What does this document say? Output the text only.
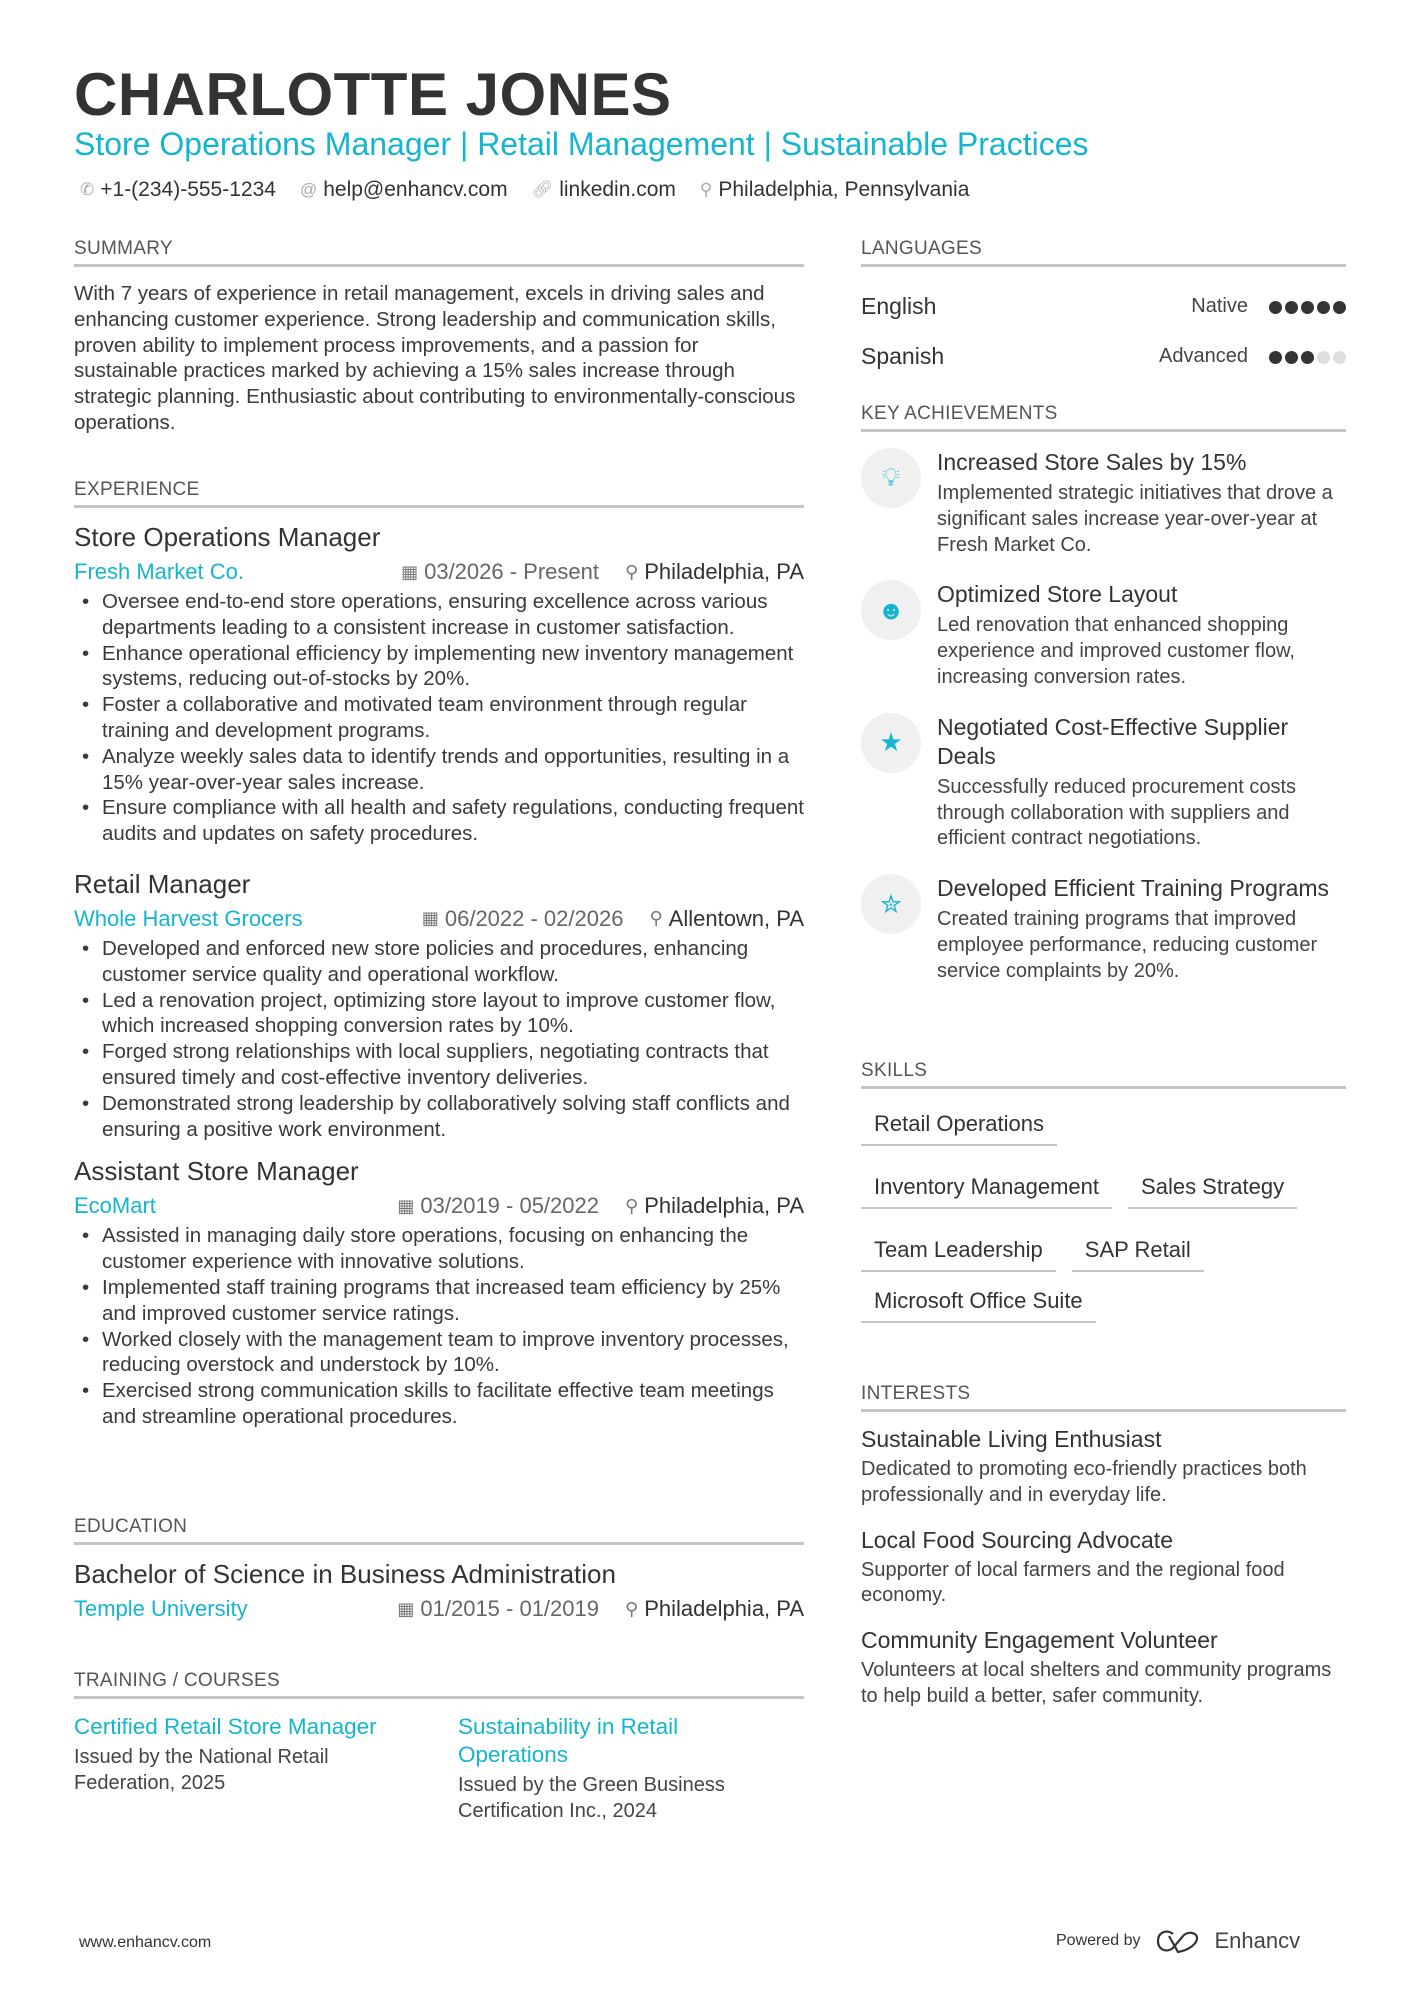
CHARLOTTE JONES
Store Operations Manager | Retail Management | Sustainable Practices
✆ +1-(234)-555-1234 @ help@enhancv.com 🔗︎ linkedin.com ⚲ Philadelphia, Pennsylvania
SUMMARY

With 7 years of experience in retail management, excels in driving sales and enhancing customer experience. Strong leadership and communication skills, proven ability to implement process improvements, and a passion for sustainable practices marked by achieving a 15% sales increase through strategic planning. Enthusiastic about contributing to environmentally-conscious operations.

EXPERIENCE
Store Operations Manager
Fresh Market Co.	▦ 03/2026 - Present ⚲ Philadelphia, PA
• Oversee end-to-end store operations, ensuring excellence across various departments leading to a consistent increase in customer satisfaction.
• Enhance operational efficiency by implementing new inventory management systems, reducing out-of-stocks by 20%.
• Foster a collaborative and motivated team environment through regular training and development programs.
• Analyze weekly sales data to identify trends and opportunities, resulting in a 15% year-over-year sales increase.
• Ensure compliance with all health and safety regulations, conducting frequent audits and updates on safety procedures.
Retail Manager
Whole Harvest Grocers	▦ 06/2022 - 02/2026 ⚲ Allentown, PA
• Developed and enforced new store policies and procedures, enhancing customer service quality and operational workflow.
• Led a renovation project, optimizing store layout to improve customer flow, which increased shopping conversion rates by 10%.
• Forged strong relationships with local suppliers, negotiating contracts that ensured timely and cost-effective inventory deliveries.
• Demonstrated strong leadership by collaboratively solving staff conflicts and ensuring a positive work environment.
Assistant Store Manager
EcoMart	▦ 03/2019 - 05/2022 ⚲ Philadelphia, PA
• Assisted in managing daily store operations, focusing on enhancing the customer experience with innovative solutions.
• Implemented staff training programs that increased team efficiency by 25% and improved customer service ratings.
• Worked closely with the management team to improve inventory processes, reducing overstock and understock by 10%.
• Exercised strong communication skills to facilitate effective team meetings and streamline operational procedures.
EDUCATION
Bachelor of Science in Business Administration
Temple University	▦ 01/2015 - 01/2019 ⚲ Philadelphia, PA
TRAINING / COURSES
Certified Retail Store Manager
Issued by the National Retail Federation, 2025
Sustainability in Retail Operations
Issued by the Green Business Certification Inc., 2024
LANGUAGES
English	Native
Spanish	Advanced
KEY ACHIEVEMENTS
💡︎	Increased Store Sales by 15%
Implemented strategic initiatives that drove a significant sales increase year-over-year at Fresh Market Co.
☻
Optimized Store Layout
Led renovation that enhanced shopping experience and improved customer flow, increasing conversion rates.
★
Negotiated Cost-Effective Supplier Deals
Successfully reduced procurement costs through collaboration with suppliers and efficient contract negotiations.
✮
Developed Efficient Training Programs
Created training programs that improved employee performance, reducing customer service complaints by 20%.
SKILLS
Retail Operations
Inventory Management	Sales Strategy
Team Leadership	SAP Retail
Microsoft Office Suite
INTERESTS
Sustainable Living Enthusiast
Dedicated to promoting eco-friendly practices both professionally and in everyday life.
Local Food Sourcing Advocate
Supporter of local farmers and the regional food economy.
Community Engagement Volunteer
Volunteers at local shelters and community programs to help build a better, safer community.
www.enhancv.com	Powered by	Enhancv
